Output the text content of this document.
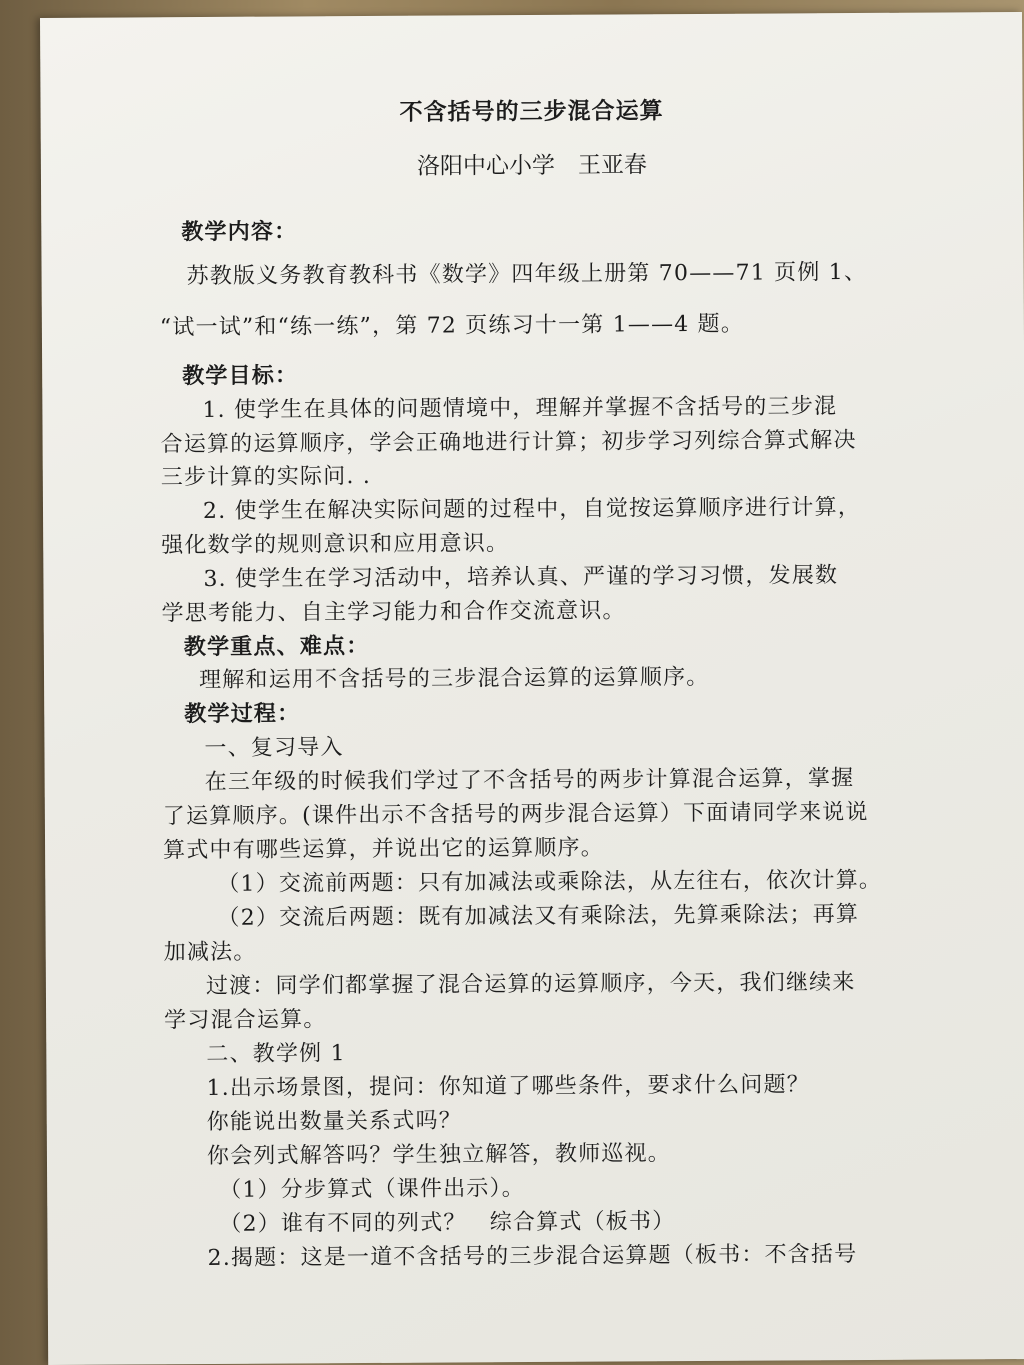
不含括号的三步混合运算
洛阳中心小学　王亚春
教学内容：
苏教版义务教育教科书《数学》四年级上册第 70——71 页例 1、
“试一试”和“练一练”，第 72 页练习十一第 1——4 题。
教学目标：
1. 使学生在具体的问题情境中，理解并掌握不含括号的三步混
合运算的运算顺序，学会正确地进行计算；初步学习列综合算式解决
三步计算的实际问. .
2. 使学生在解决实际问题的过程中，自觉按运算顺序进行计算，
强化数学的规则意识和应用意识。
3. 使学生在学习活动中，培养认真、严谨的学习习惯，发展数
学思考能力、自主学习能力和合作交流意识。
教学重点、难点：
理解和运用不含括号的三步混合运算的运算顺序。
教学过程：
一、复习导入
在三年级的时候我们学过了不含括号的两步计算混合运算，掌握
了运算顺序。(课件出示不含括号的两步混合运算）下面请同学来说说
算式中有哪些运算，并说出它的运算顺序。
（1）交流前两题：只有加减法或乘除法，从左往右，依次计算。
（2）交流后两题：既有加减法又有乘除法，先算乘除法；再算
加减法。
过渡：同学们都掌握了混合运算的运算顺序，今天，我们继续来
学习混合运算。
二、教学例 1
1.出示场景图，提问：你知道了哪些条件，要求什么问题？
你能说出数量关系式吗？
你会列式解答吗？学生独立解答，教师巡视。
（1）分步算式（课件出示）。
（2）谁有不同的列式？　综合算式（板书）
2.揭题：这是一道不含括号的三步混合运算题（板书：不含括号
